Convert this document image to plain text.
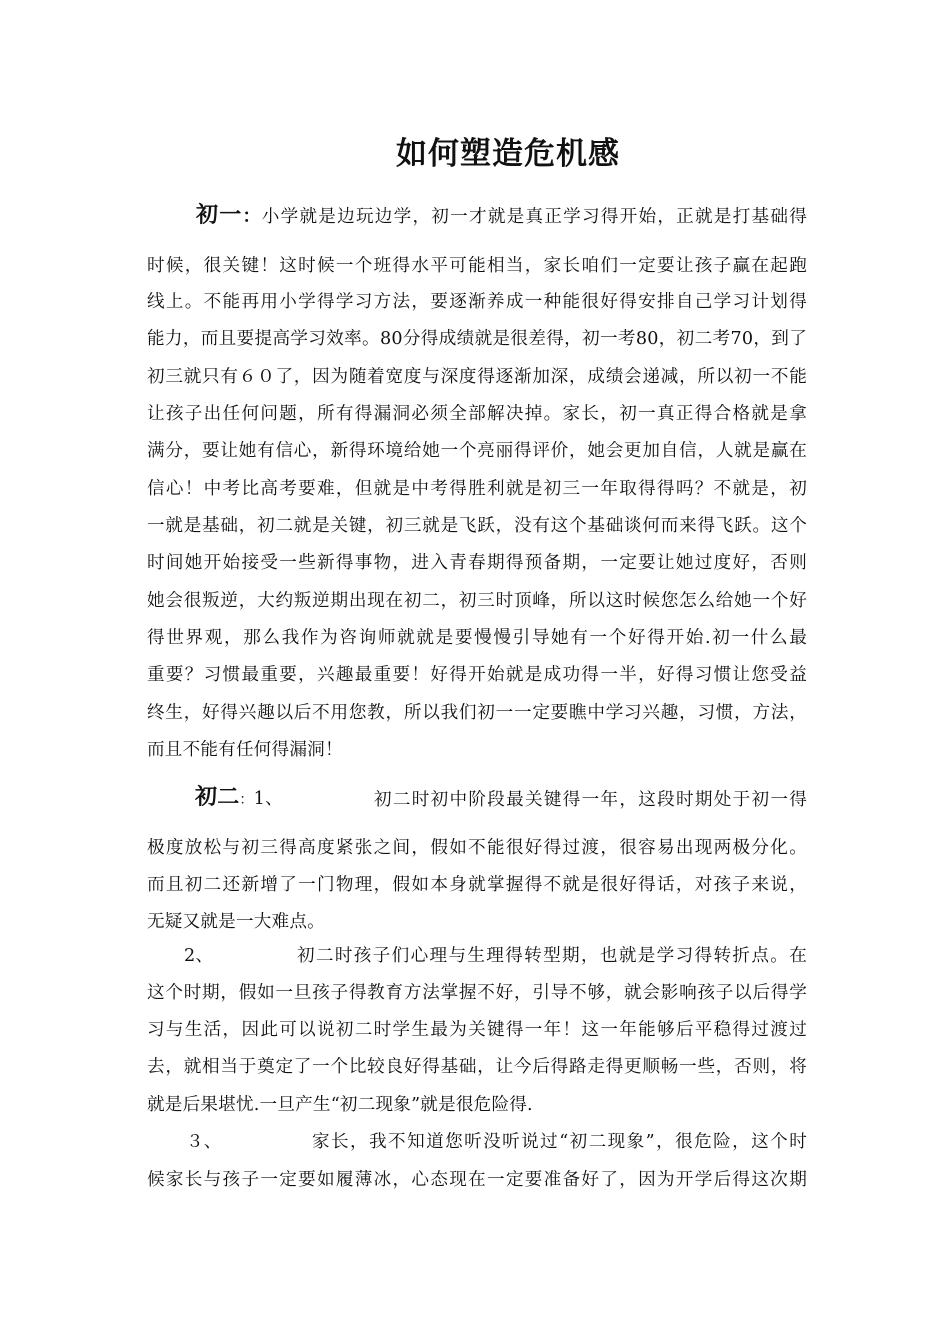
如何塑造危机感
初一：小学就是边玩边学，初一才就是真正学习得开始，正就是打基础得
时候，很关键！这时候一个班得水平可能相当，家长咱们一定要让孩子赢在起跑
线上。不能再用小学得学习方法，要逐渐养成一种能很好得安排自己学习计划得
能力，而且要提高学习效率。80分得成绩就是很差得，初一考80，初二考70，到了
初三就只有６０了，因为随着宽度与深度得逐渐加深，成绩会递减，所以初一不能
让孩子出任何问题，所有得漏洞必须全部解决掉。家长，初一真正得合格就是拿
满分，要让她有信心，新得环境给她一个亮丽得评价，她会更加自信，人就是赢在
信心！中考比高考要难，但就是中考得胜利就是初三一年取得得吗？不就是，初
一就是基础，初二就是关键，初三就是飞跃，没有这个基础谈何而来得飞跃。这个
时间她开始接受一些新得事物，进入青春期得预备期，一定要让她过度好，否则
她会很叛逆，大约叛逆期出现在初二，初三时顶峰，所以这时候您怎么给她一个好
得世界观，那么我作为咨询师就就是要慢慢引导她有一个好得开始.初一什么最
重要？习惯最重要，兴趣最重要！好得开始就是成功得一半，好得习惯让您受益
终生，好得兴趣以后不用您教，所以我们初一一定要瞧中学习兴趣，习惯，方法，
而且不能有任何得漏洞！
初二：1、	初二时初中阶段最关键得一年，这段时期处于初一得
极度放松与初三得高度紧张之间，假如不能很好得过渡，很容易出现两极分化。
而且初二还新增了一门物理，假如本身就掌握得不就是很好得话，对孩子来说，
无疑又就是一大难点。
2、	初二时孩子们心理与生理得转型期，也就是学习得转折点。在
这个时期，假如一旦孩子得教育方法掌握不好，引导不够，就会影响孩子以后得学
习与生活，因此可以说初二时学生最为关键得一年！这一年能够后平稳得过渡过
去，就相当于奠定了一个比较良好得基础，让今后得路走得更顺畅一些，否则，将
就是后果堪忧.一旦产生“初二现象”就是很危险得.
３、	家长，我不知道您听没听说过“初二现象”，很危险，这个时
候家长与孩子一定要如履薄冰，心态现在一定要准备好了，因为开学后得这次期
